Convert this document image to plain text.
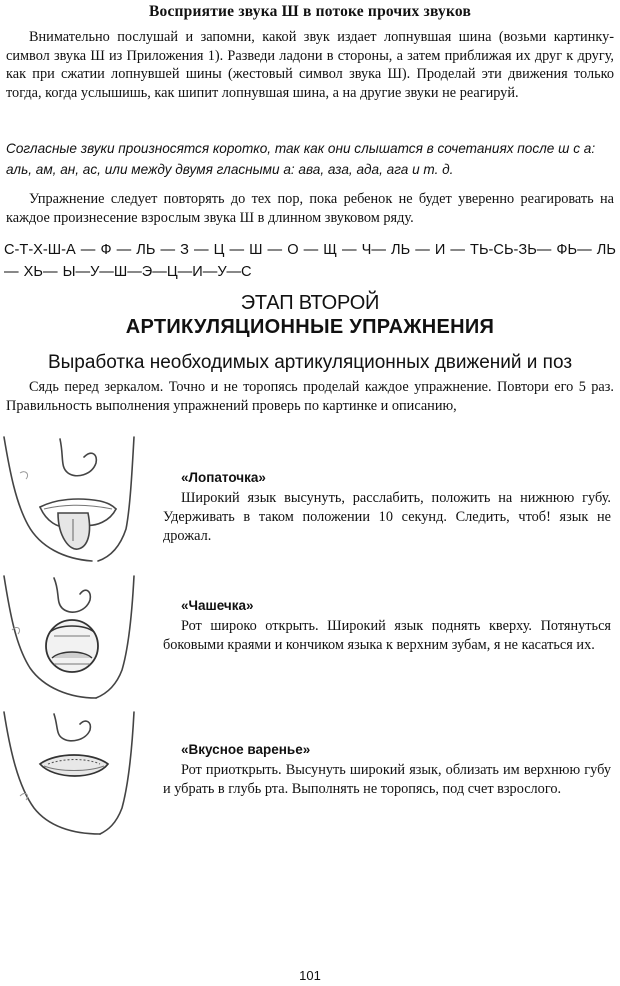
Восприятие звука Ш в потоке прочих звуков
Внимательно послушай и запомни, какой звук издает лопнувшая шина (возьми картинку-символ звука Ш из Приложения 1). Разведи ладони в стороны, а затем приближая их друг к другу, как при сжатии лопнувшей шины (жестовый символ звука Ш). Проделай эти движения только тогда, когда услышишь, как шипит лопнувшая шина, а на другие звуки не реагируй.
Согласные звуки произносятся коротко, так как они слышатся в сочетаниях после ш с а: аль, ам, ан, ас, или между двумя гласными а: ава, аза, ада, ага и т. д.
Упражнение следует повторять до тех пор, пока ребенок не будет уверенно реагировать на каждое произнесение взрослым звука Ш в длинном звуковом ряду.
С-Т-Х-Ш-А — Ф — ЛЬ — З — Ц — Ш — О — Щ — Ч— ЛЬ — И — ТЬ-СЬ-ЗЬ— ФЬ— ЛЬ— ХЬ— Ы—У—Ш—Э—Ц—И—У—С
ЭТАП ВТОРОЙ
АРТИКУЛЯЦИОННЫЕ УПРАЖНЕНИЯ
Выработка необходимых артикуляционных движений и поз
Сядь перед зеркалом. Точно и не торопясь проделай каждое упражнение. Повтори его 5 раз. Правильность выполнения упражнений проверь по картинке и описанию,
«Лопаточка»
Широкий язык высунуть, расслабить, положить на нижнюю губу. Удерживать в таком положении 10 секунд. Следить, чтоб! язык не дрожал.
«Чашечка»
Рот широко открыть. Широкий язык поднять кверху. Потянуться боковыми краями и кончиком языка к верхним зубам, я не касаться их.
«Вкусное варенье»
Рот приоткрыть. Высунуть широкий язык, облизать им верхнюю губу и убрать в глубь рта. Выполнять не торопясь, под счет взрослого.
101
